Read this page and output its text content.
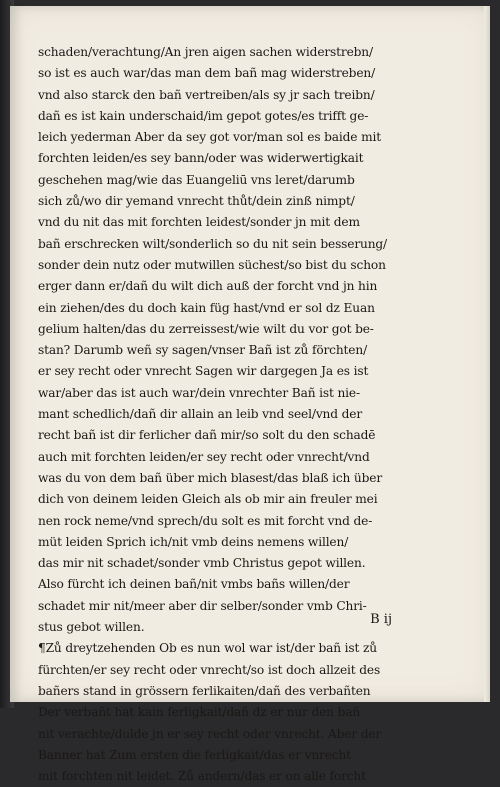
schaden/verachtung/An jren aigen sachen widerstrebn/
so ist es auch war/das man dem bañ mag widerstreben/
vnd also starck den bañ vertreiben/als sy jr sach treibn/
dañ es ist kain underschaid/im gepot gotes/es trifft ge-
leich yederman Aber da sey got vor/man sol es baide mit
forchten leiden/es sey bann/oder was widerwertigkait
geschehen mag/wie das Euangeliū vns leret/darumb
sich zů/wo dir yemand vnrecht thůt/dein zinß nimpt/
vnd du nit das mit forchten leidest/sonder jn mit dem
bañ erschrecken wilt/sonderlich so du nit sein besserung/
sonder dein nutz oder mutwillen süchest/so bist du schon
erger dann er/dañ du wilt dich auß der forcht vnd jn hin
ein ziehen/des du doch kain füg hast/vnd er sol dz Euan
gelium halten/das du zerreissest/wie wilt du vor got be-
stan? Darumb weñ sy sagen/vnser Bañ ist zů förchten/
er sey recht oder vnrecht Sagen wir dargegen Ja es ist
war/aber das ist auch war/dein vnrechter Bañ ist nie-
mant schedlich/dañ dir allain an leib vnd seel/vnd der
recht bañ ist dir ferlicher dañ mir/so solt du den schadē
auch mit forchten leiden/er sey recht oder vnrecht/vnd
was du von dem bañ über mich blasest/das blaß ich über
dich von deinem leiden Gleich als ob mir ain freuler mei
nen rock neme/vnd sprech/du solt es mit forcht vnd de-
müt leiden Sprich ich/nit vmb deins nemens willen/
das mir nit schadet/sonder vmb Christus gepot willen.
Also fürcht ich deinen bañ/nit vmbs bañs willen/der
schadet mir nit/meer aber dir selber/sonder vmb Chri-
stus gebot willen.
¶Zů dreytzehenden Ob es nun wol war ist/der bañ ist zů
fürchten/er sey recht oder vnrecht/so ist doch allzeit des
bañers stand in grössern ferlikaiten/dañ des verbañten
Der verbañt hat kain ferligkait/dañ dz er nur den bañ
nit verachte/dulde jn er sey recht oder vnrecht. Aber der
Banner hat Zum ersten die ferligkait/das er vnrecht
mit forchten nit leidet. Zů andern/das er on alle forcht
B ij
